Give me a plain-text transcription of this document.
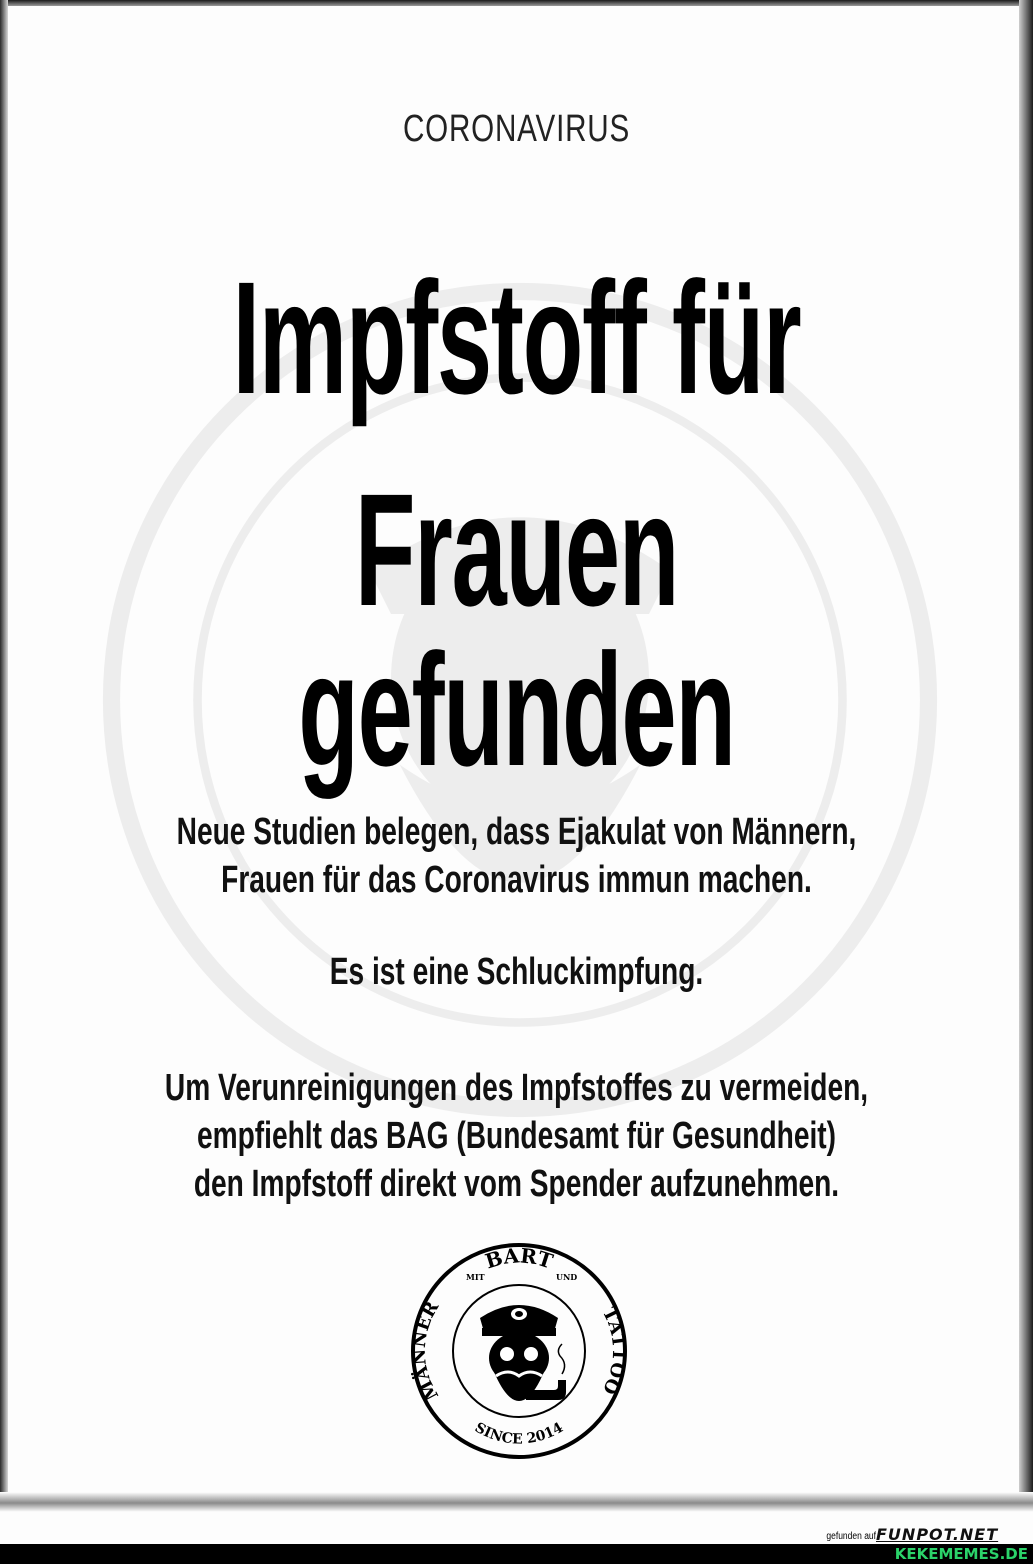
CORONAVIRUS
Impfstoff für
Frauen gefunden
Neue Studien belegen, dass Ejakulat von Männern,
Frauen für das Coronavirus immun machen.
Es ist eine Schluckimpfung.
Um Verunreinigungen des Impfstoffes zu vermeiden,
empfiehlt das BAG (Bundesamt für Gesundheit)
den Impfstoff direkt vom Spender aufzunehmen.
MÄNNER
BART
MIT	UND
TATTOO
SINCE 2014
gefunden auf FUNPOT.NET
KEKEMEMES.DE
